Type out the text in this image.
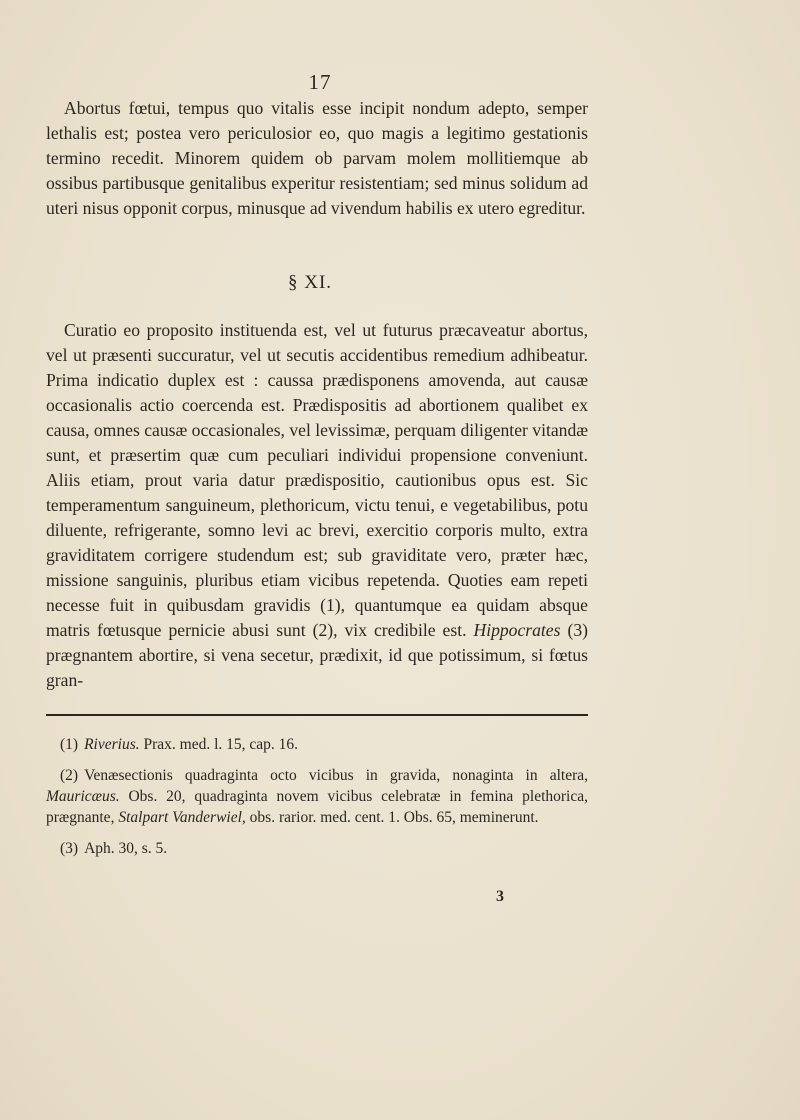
17

Abortus fœtui, tempus quo vitalis esse incipit nondum adepto, semper lethalis est; postea vero periculosior eo, quo magis a legitimo gestationis termino recedit. Minorem quidem ob parvam molem mollitiemque ab ossibus partibusque genitalibus experitur resistentiam; sed minus solidum ad uteri nisus opponit corpus, minusque ad vivendum habilis ex utero egreditur.

§ XI.

Curatio eo proposito instituenda est, vel ut futurus præcaveatur abortus, vel ut præsenti succuratur, vel ut secutis accidentibus remedium adhibeatur. Prima indicatio duplex est : caussa prædisponens amovenda, aut causæ occasionalis actio coercenda est. Prædispositis ad abortionem qualibet ex causa, omnes causæ occasionales, vel levissimæ, perquam diligenter vitandæ sunt, et præsertim quæ cum peculiari individui propensione conveniunt. Aliis etiam, prout varia datur prædispositio, cautionibus opus est. Sic temperamentum sanguineum, plethoricum, victu tenui, e vegetabilibus, potu diluente, refrigerante, somno levi ac brevi, exercitio corporis multo, extra graviditatem corrigere studendum est; sub graviditate vero, præter hæc, missione sanguinis, pluribus etiam vicibus repetenda. Quoties eam repeti necesse fuit in quibusdam gravidis (1), quantumque ea quidam absque matris fœtusque pernicie abusi sunt (2), vix credibile est. Hippocrates (3) prægnantem abortire, si vena secetur, prædixit, id que potissimum, si fœtus gran-

(1) Riverius. Prax. med. l. 15, cap. 16.

(2) Venæsectionis quadraginta octo vicibus in gravida, nonaginta in altera, Mauricæus. Obs. 20, quadraginta novem vicibus celebratæ in femina plethorica, prægnante, Stalpart Vanderwiel, obs. rarior. med. cent. 1. Obs. 65, meminerunt.

(3) Aph. 30, s. 5.

3
